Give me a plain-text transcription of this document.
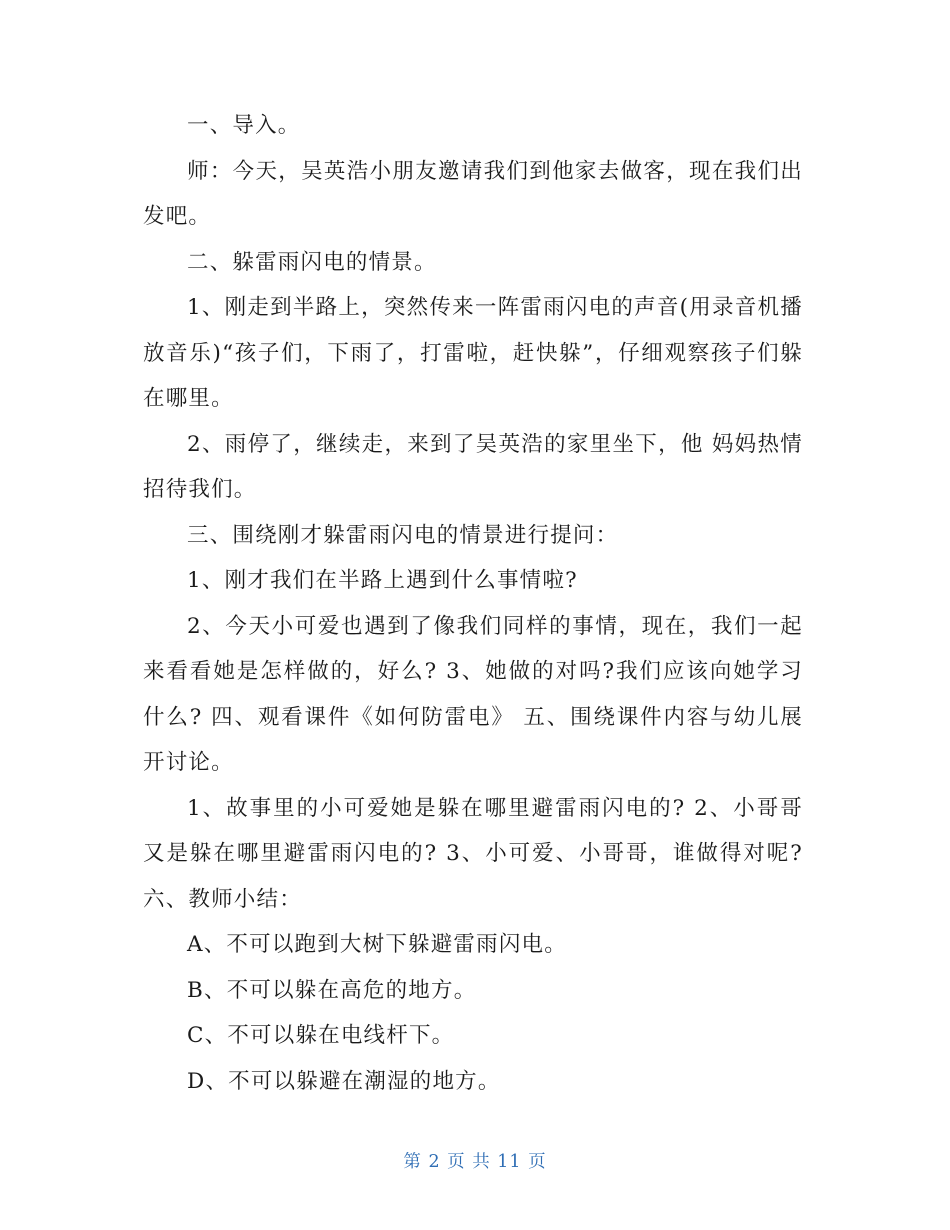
一、导入。

师：今天，吴英浩小朋友邀请我们到他家去做客，现在我们出发吧。

二、躲雷雨闪电的情景。

1、刚走到半路上，突然传来一阵雷雨闪电的声音(用录音机播放音乐)“孩子们，下雨了，打雷啦，赶快躲”，仔细观察孩子们躲在哪里。

2、雨停了，继续走，来到了吴英浩的家里坐下，他 妈妈热情招待我们。

三、围绕刚才躲雷雨闪电的情景进行提问：

1、刚才我们在半路上遇到什么事情啦?

2、今天小可爱也遇到了像我们同样的事情，现在，我们一起来看看她是怎样做的，好么? 3、她做的对吗?我们应该向她学习什么? 四、观看课件《如何防雷电》 五、围绕课件内容与幼儿展开讨论。

1、故事里的小可爱她是躲在哪里避雷雨闪电的? 2、小哥哥又是躲在哪里避雷雨闪电的? 3、小可爱、小哥哥，谁做得对呢? 六、教师小结：

A、不可以跑到大树下躲避雷雨闪电。

B、不可以躲在高危的地方。

C、不可以躲在电线杆下。

D、不可以躲避在潮湿的地方。

第 2 页 共 11 页
